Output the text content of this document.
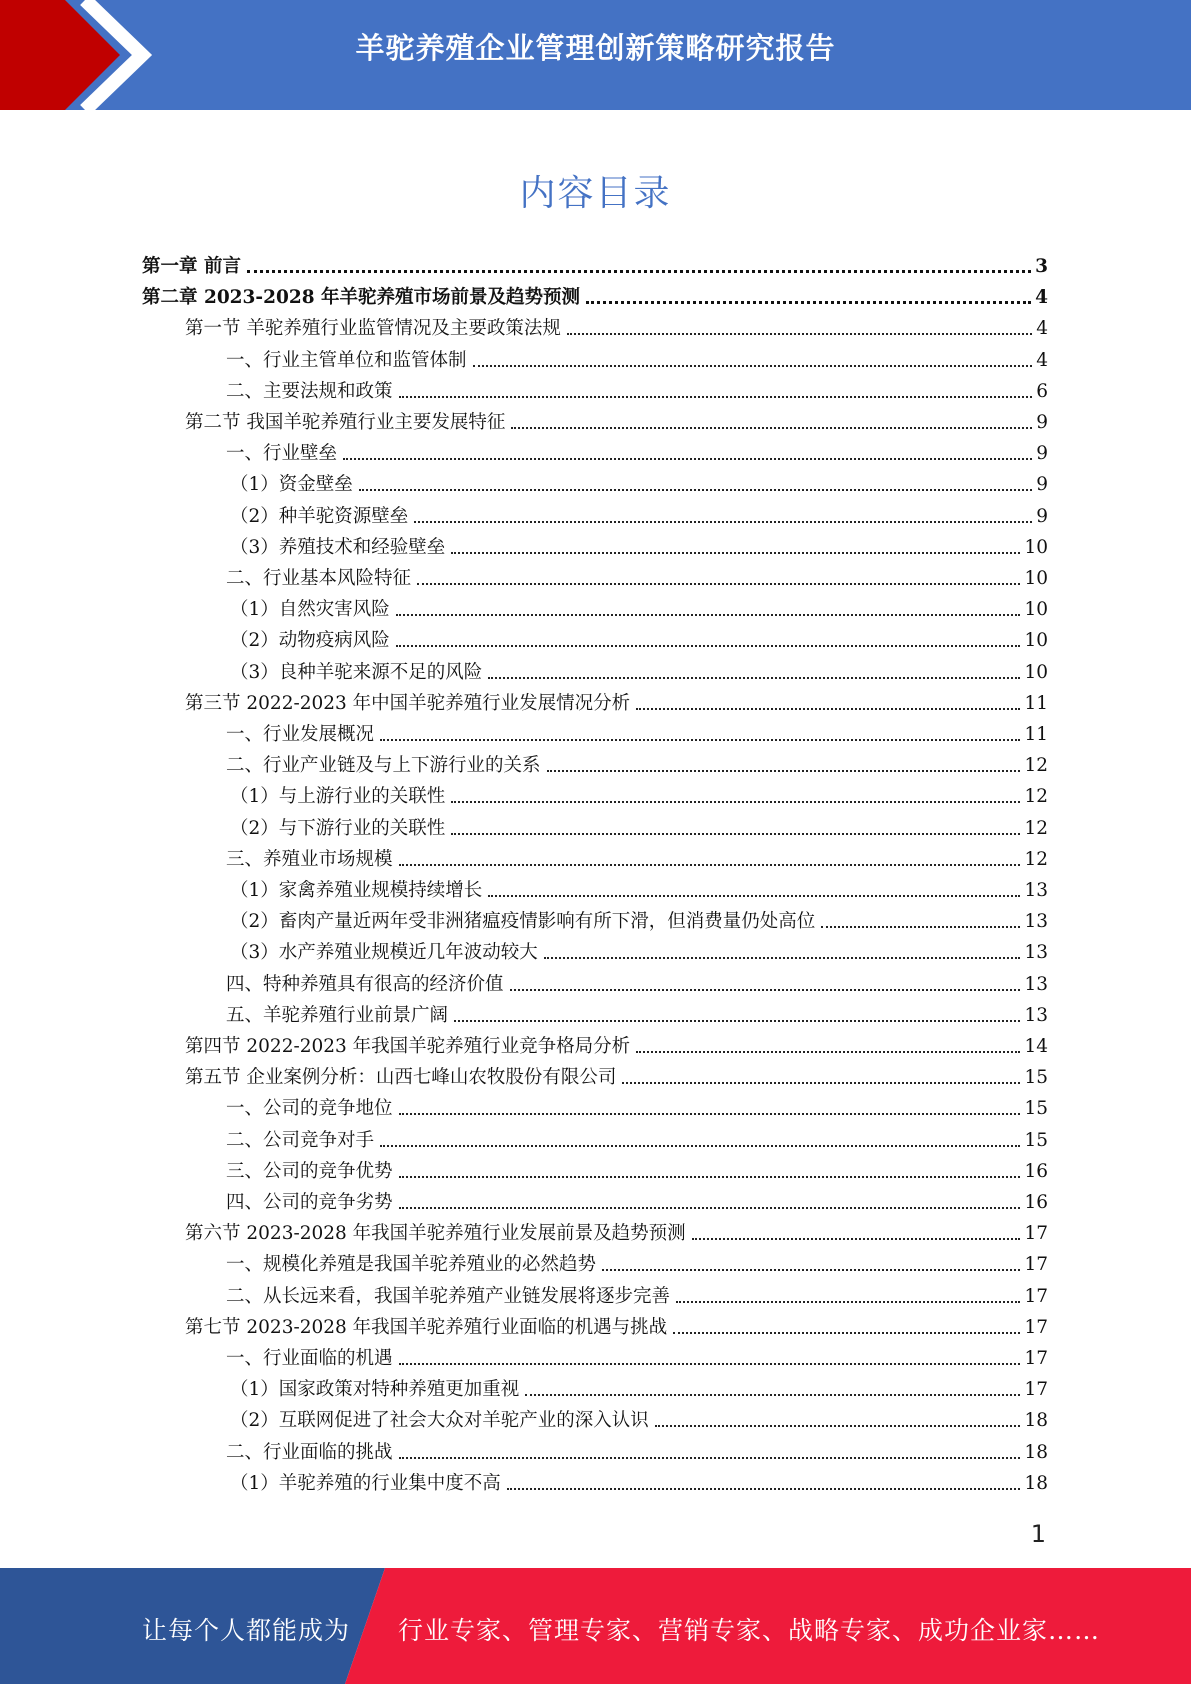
羊驼养殖企业管理创新策略研究报告
内容目录
第一章 前言	3
第二章 2023-2028 年羊驼养殖市场前景及趋势预测	4
第一节 羊驼养殖行业监管情况及主要政策法规	4
一、行业主管单位和监管体制	4
二、主要法规和政策	6
第二节 我国羊驼养殖行业主要发展特征	9
一、行业壁垒	9
（1）资金壁垒	9
（2）种羊驼资源壁垒	9
（3）养殖技术和经验壁垒	10
二、行业基本风险特征	10
（1）自然灾害风险	10
（2）动物疫病风险	10
（3）良种羊驼来源不足的风险	10
第三节 2022-2023 年中国羊驼养殖行业发展情况分析	11
一、行业发展概况	11
二、行业产业链及与上下游行业的关系	12
（1）与上游行业的关联性	12
（2）与下游行业的关联性	12
三、养殖业市场规模	12
（1）家禽养殖业规模持续增长	13
（2）畜肉产量近两年受非洲猪瘟疫情影响有所下滑，但消费量仍处高位	13
（3）水产养殖业规模近几年波动较大	13
四、特种养殖具有很高的经济价值	13
五、羊驼养殖行业前景广阔	13
第四节 2022-2023 年我国羊驼养殖行业竞争格局分析	14
第五节 企业案例分析：山西七峰山农牧股份有限公司	15
一、公司的竞争地位	15
二、公司竞争对手	15
三、公司的竞争优势	16
四、公司的竞争劣势	16
第六节 2023-2028 年我国羊驼养殖行业发展前景及趋势预测	17
一、规模化养殖是我国羊驼养殖业的必然趋势	17
二、从长远来看，我国羊驼养殖产业链发展将逐步完善	17
第七节 2023-2028 年我国羊驼养殖行业面临的机遇与挑战	17
一、行业面临的机遇	17
（1）国家政策对特种养殖更加重视	17
（2）互联网促进了社会大众对羊驼产业的深入认识	18
二、行业面临的挑战	18
（1）羊驼养殖的行业集中度不高	18
1
让每个人都能成为 行业专家、管理专家、营销专家、战略专家、成功企业家……
